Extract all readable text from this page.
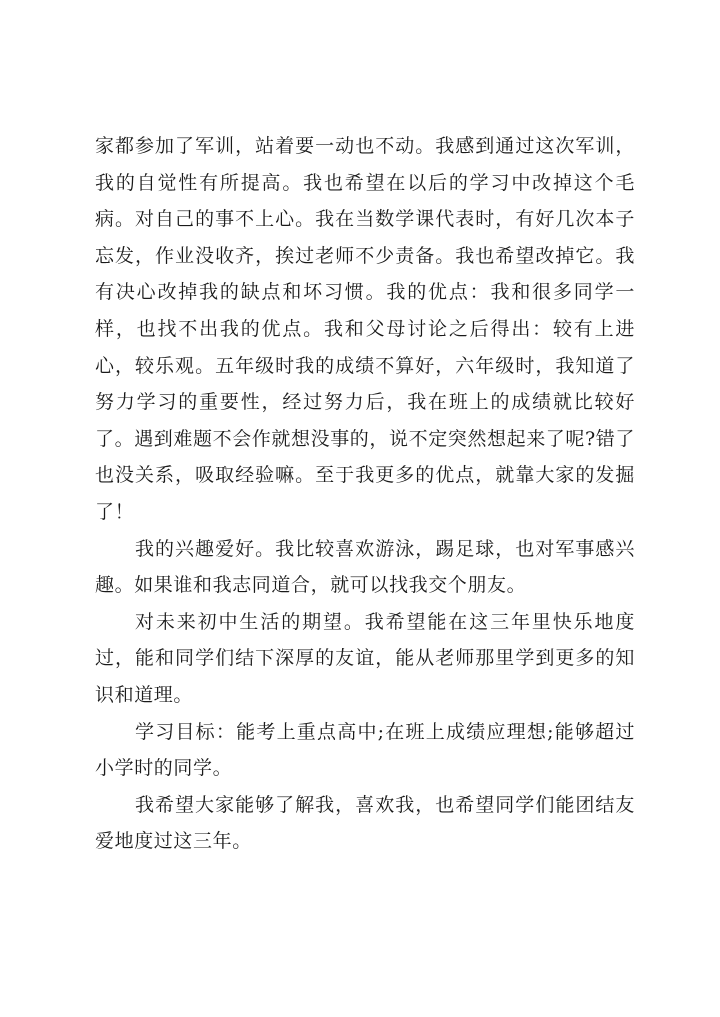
家都参加了军训，站着要一动也不动。我感到通过这次军训，我的自觉性有所提高。我也希望在以后的学习中改掉这个毛病。对自己的事不上心。我在当数学课代表时，有好几次本子忘发，作业没收齐，挨过老师不少责备。我也希望改掉它。我有决心改掉我的缺点和坏习惯。我的优点：我和很多同学一样，也找不出我的优点。我和父母讨论之后得出：较有上进心，较乐观。五年级时我的成绩不算好，六年级时，我知道了努力学习的重要性，经过努力后，我在班上的成绩就比较好了。遇到难题不会作就想没事的，说不定突然想起来了呢?错了也没关系，吸取经验嘛。至于我更多的优点，就靠大家的发掘了！

我的兴趣爱好。我比较喜欢游泳，踢足球，也对军事感兴趣。如果谁和我志同道合，就可以找我交个朋友。

对未来初中生活的期望。我希望能在这三年里快乐地度过，能和同学们结下深厚的友谊，能从老师那里学到更多的知识和道理。

学习目标：能考上重点高中;在班上成绩应理想;能够超过小学时的同学。

我希望大家能够了解我，喜欢我，也希望同学们能团结友爱地度过这三年。
